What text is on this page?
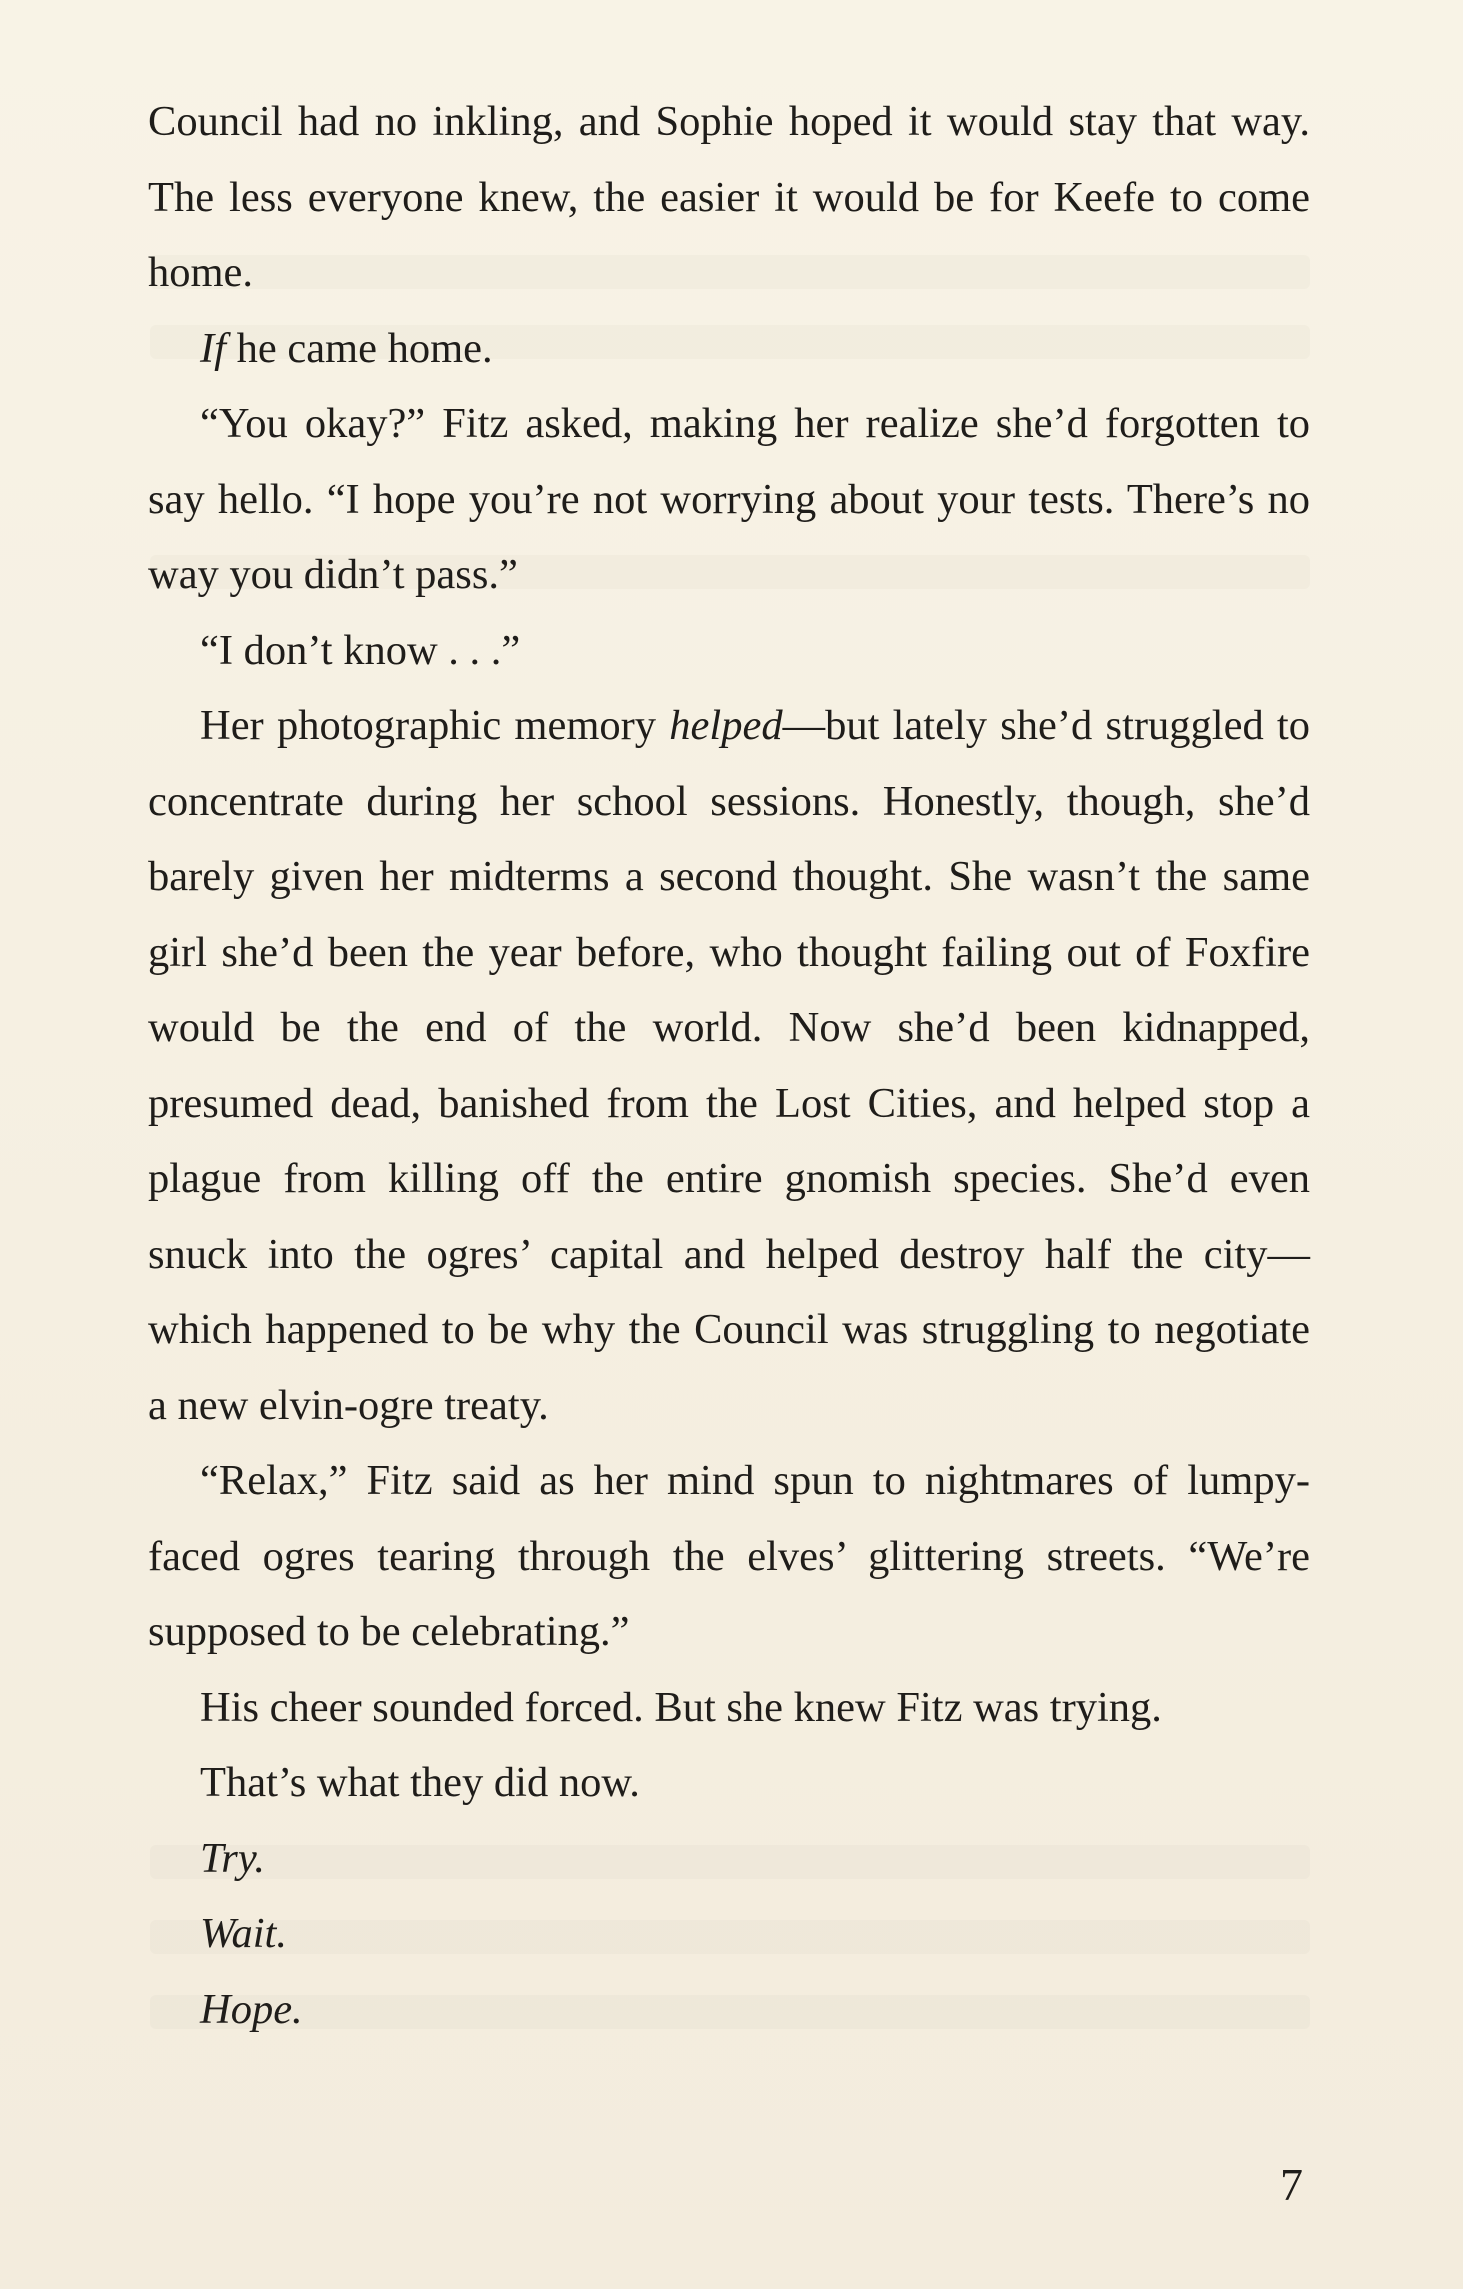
Council had no inkling, and Sophie hoped it would stay that way. The less everyone knew, the easier it would be for Keefe to come home.

If he came home.

“You okay?” Fitz asked, making her realize she’d forgotten to say hello. “I hope you’re not worrying about your tests. There’s no way you didn’t pass.”

“I don’t know . . .”

Her photographic memory helped—but lately she’d struggled to concentrate during her school sessions. Honestly, though, she’d barely given her midterms a second thought. She wasn’t the same girl she’d been the year before, who thought failing out of Foxfire would be the end of the world. Now she’d been kidnapped, presumed dead, banished from the Lost Cities, and helped stop a plague from killing off the entire gnomish species. She’d even snuck into the ogres’ capital and helped destroy half the city—which happened to be why the Council was struggling to negotiate a new elvin-ogre treaty.

“Relax,” Fitz said as her mind spun to nightmares of lumpy-faced ogres tearing through the elves’ glittering streets. “We’re supposed to be celebrating.”

His cheer sounded forced. But she knew Fitz was trying.

That’s what they did now.

Try.

Wait.

Hope.

7
